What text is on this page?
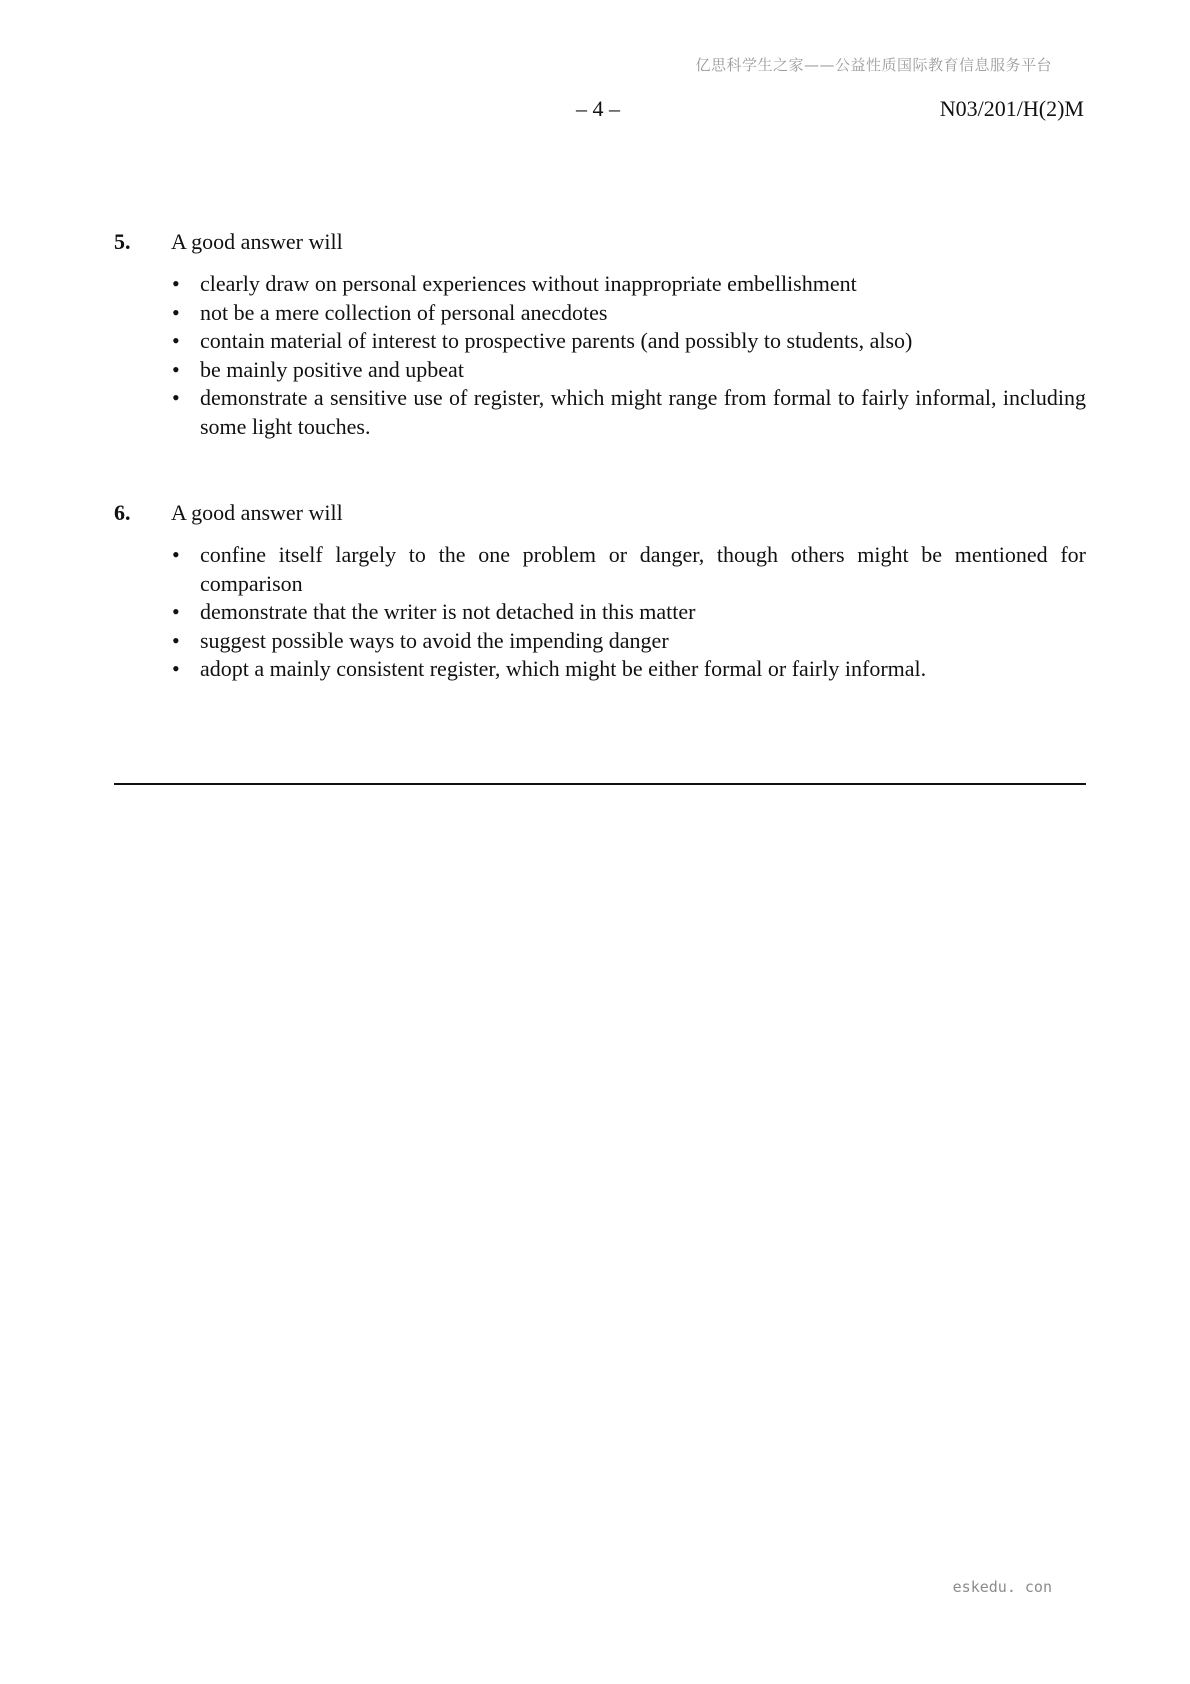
亿思科学生之家——公益性质国际教育信息服务平台
– 4 –	N03/201/H(2)M
5.	A good answer will
• clearly draw on personal experiences without inappropriate embellishment
• not be a mere collection of personal anecdotes
• contain material of interest to prospective parents (and possibly to students, also)
• be mainly positive and upbeat
• demonstrate a sensitive use of register, which might range from formal to fairly informal, including some light touches.
6.	A good answer will
• confine itself largely to the one problem or danger, though others might be mentioned for comparison
• demonstrate that the writer is not detached in this matter
• suggest possible ways to avoid the impending danger
• adopt a mainly consistent register, which might be either formal or fairly informal.
eskedu. con
